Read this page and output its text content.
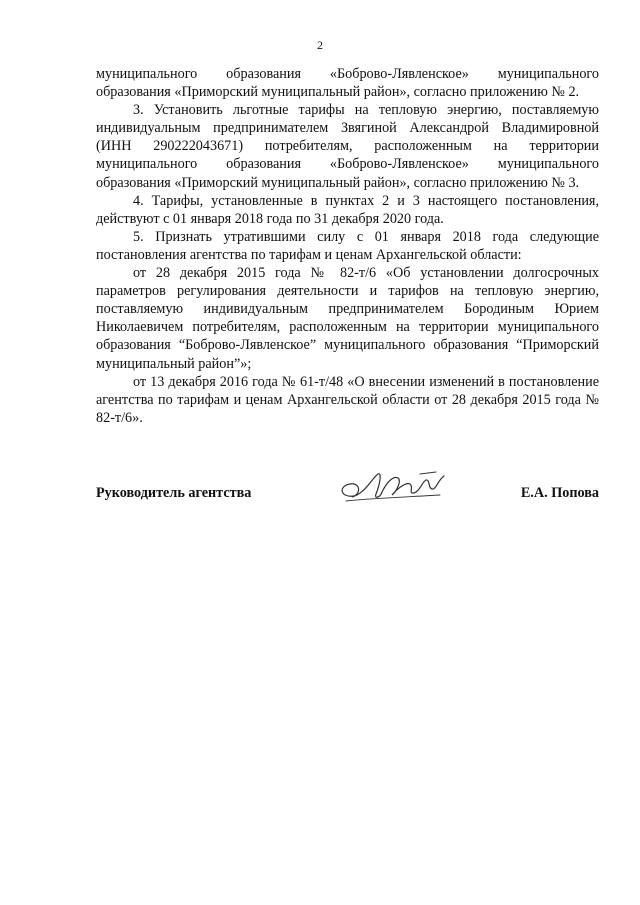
2

муниципального образования «Боброво-Лявленское» муниципального образования «Приморский муниципальный район», согласно приложению № 2.

3. Установить льготные тарифы на тепловую энергию, поставляемую индивидуальным предпринимателем Звягиной Александрой Владимировной (ИНН 290222043671) потребителям, расположенным на территории муниципального образования «Боброво-Лявленское» муниципального образования «Приморский муниципальный район», согласно приложению № 3.

4. Тарифы, установленные в пунктах 2 и 3 настоящего постановления, действуют с 01 января 2018 года по 31 декабря 2020 года.

5. Признать утратившими силу с 01 января 2018 года следующие постановления агентства по тарифам и ценам Архангельской области:

от 28 декабря 2015 года № 82-т/6 «Об установлении долгосрочных параметров регулирования деятельности и тарифов на тепловую энергию, поставляемую индивидуальным предпринимателем Бородиным Юрием Николаевичем потребителям, расположенным на территории муниципального образования “Боброво-Лявленское” муниципального образования “Приморский муниципальный район”»;

от 13 декабря 2016 года № 61-т/48 «О внесении изменений в постановление агентства по тарифам и ценам Архангельской области от 28 декабря 2015 года № 82-т/6».

Руководитель агентства	Е.А. Попова
